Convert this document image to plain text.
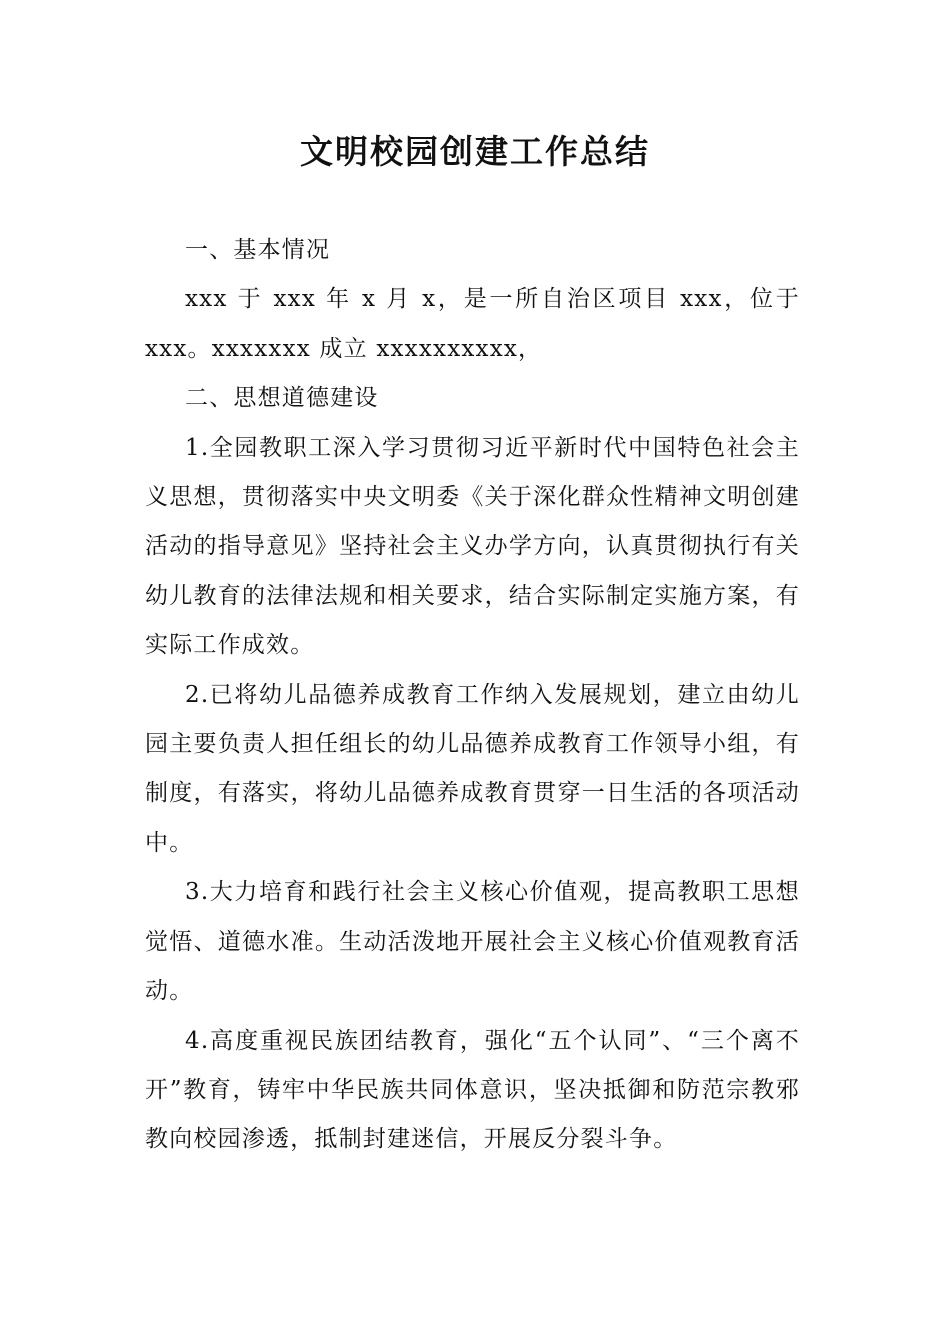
文明校园创建工作总结

一、基本情况

xxx 于 xxx 年 x 月 x，是一所自治区项目 xxx，位于 xxx。xxxxxxx 成立 xxxxxxxxxx，

二、思想道德建设

1.全园教职工深入学习贯彻习近平新时代中国特色社会主义思想，贯彻落实中央文明委《关于深化群众性精神文明创建活动的指导意见》坚持社会主义办学方向，认真贯彻执行有关幼儿教育的法律法规和相关要求，结合实际制定实施方案，有实际工作成效。

2.已将幼儿品德养成教育工作纳入发展规划，建立由幼儿园主要负责人担任组长的幼儿品德养成教育工作领导小组，有制度，有落实，将幼儿品德养成教育贯穿一日生活的各项活动中。

3.大力培育和践行社会主义核心价值观，提高教职工思想觉悟、道德水准。生动活泼地开展社会主义核心价值观教育活动。

4.高度重视民族团结教育，强化“五个认同”、“三个离不开”教育，铸牢中华民族共同体意识，坚决抵御和防范宗教邪教向校园渗透，抵制封建迷信，开展反分裂斗争。
